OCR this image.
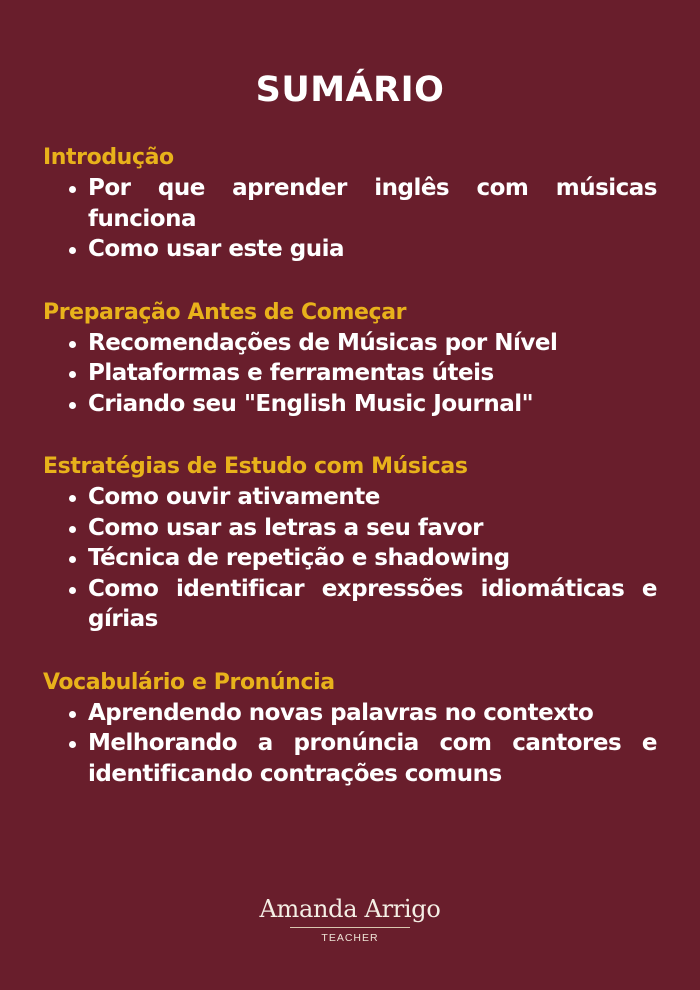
SUMÁRIO
Introdução
Por que aprender inglês com músicas funciona
Como usar este guia
Preparação Antes de Começar
Recomendações de Músicas por Nível
Plataformas e ferramentas úteis
Criando seu "English Music Journal"
Estratégias de Estudo com Músicas
Como ouvir ativamente
Como usar as letras a seu favor
Técnica de repetição e shadowing
Como identificar expressões idiomáticas e gírias
Vocabulário e Pronúncia
Aprendendo novas palavras no contexto
Melhorando a pronúncia com cantores e identificando contrações comuns
Amanda Arrigo
TEACHER
